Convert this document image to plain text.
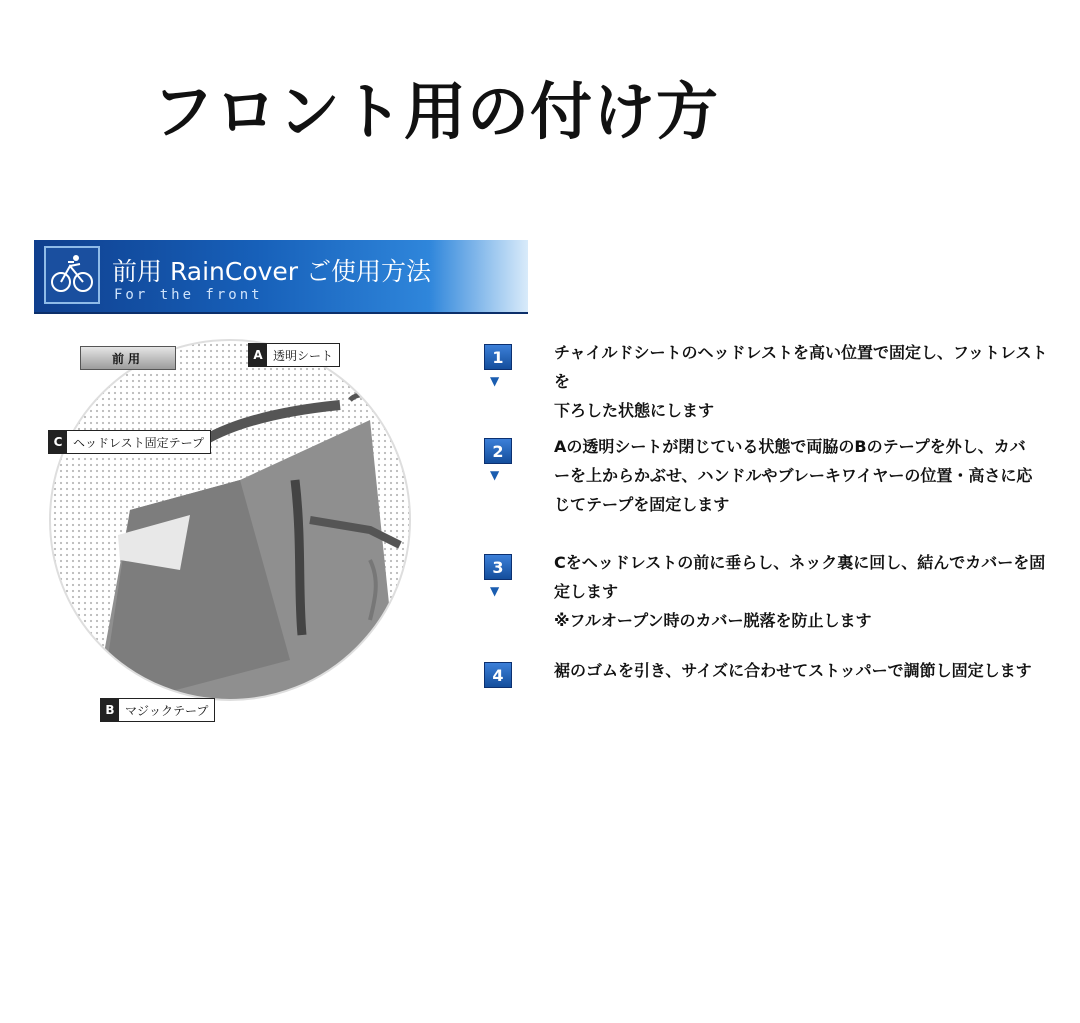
フロント用の付け方
前用 RainCover ご使用方法
For the front
前用	A 透明シート
C ヘッドレスト固定テープ
B マジックテープ
1
▼
チャイルドシートのヘッドレストを高い位置で固定し、フットレストを
下ろした状態にします
2
▼
Aの透明シートが閉じている状態で両脇のBのテープを外し、カバ
ーを上からかぶせ、ハンドルやブレーキワイヤーの位置・高さに応
じてテープを固定します
3
▼
Cをヘッドレストの前に垂らし、ネック裏に回し、結んでカバーを固
定します
※フルオープン時のカバー脱落を防止します
4	裾のゴムを引き、サイズに合わせてストッパーで調節し固定します
